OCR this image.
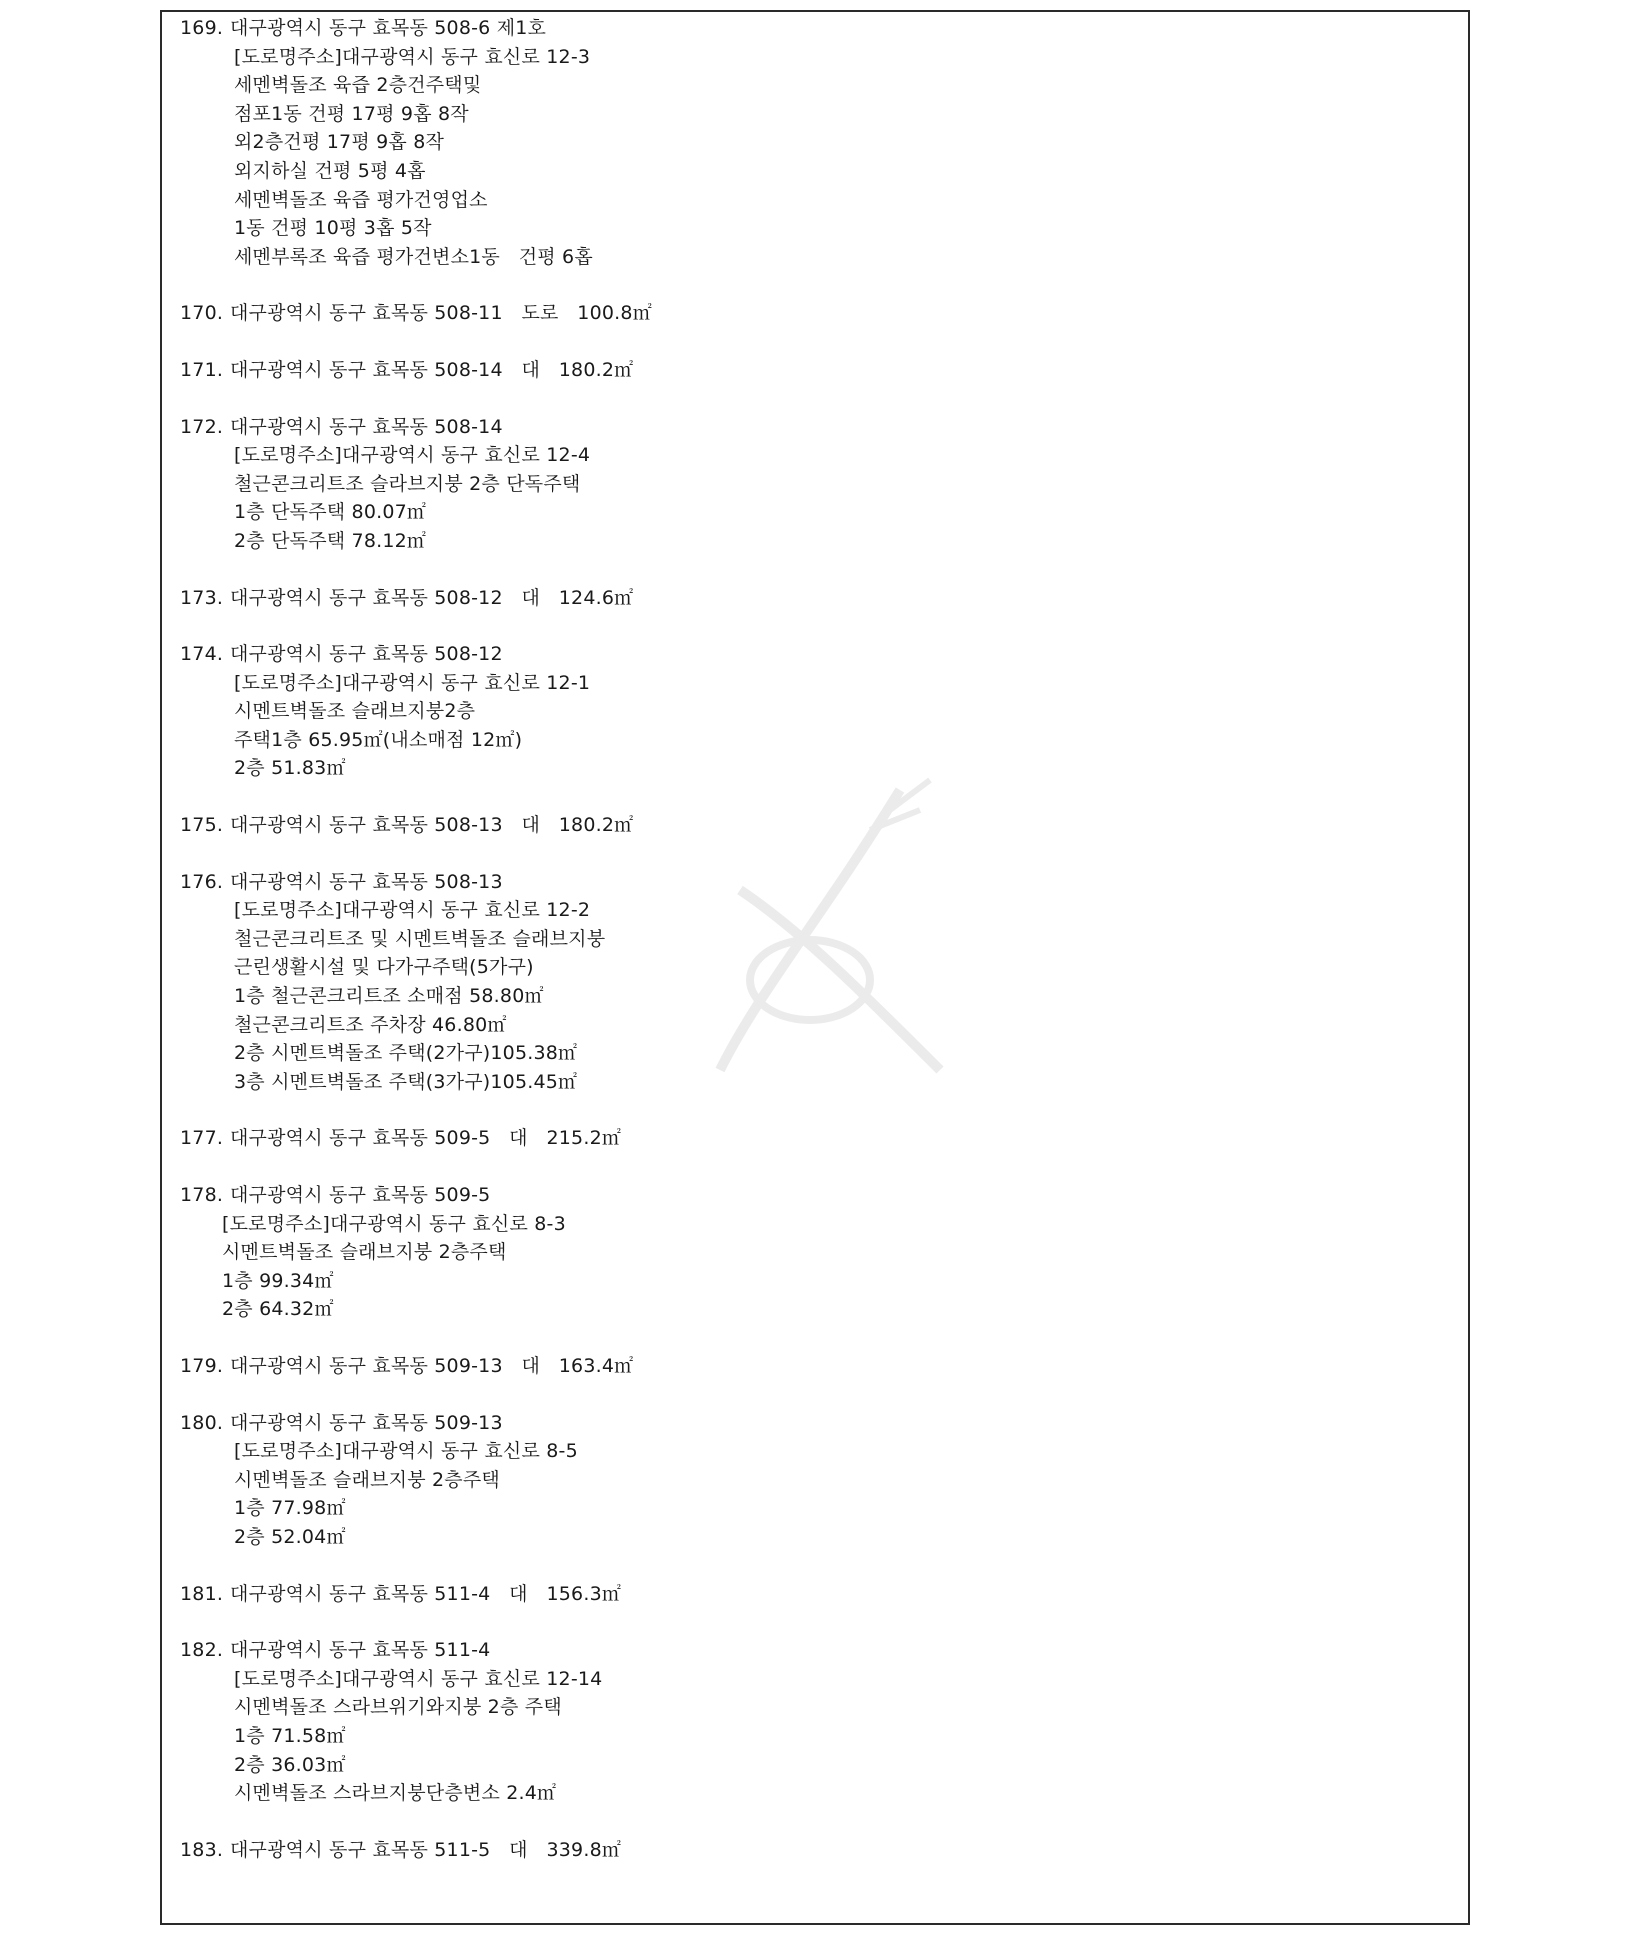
169. 대구광역시 동구 효목동 508-6 제1호
[도로명주소]대구광역시 동구 효신로 12-3
세멘벽돌조 육즙 2층건주택및
점포1동 건평 17평 9홉 8작
외2층건평 17평 9홉 8작
외지하실 건평 5평 4홉
세멘벽돌조 육즙 평가건영업소
1동 건평 10평 3홉 5작
세멘부록조 육즙 평가건변소1동   건평 6홉
170. 대구광역시 동구 효목동 508-11   도로   100.8㎡
171. 대구광역시 동구 효목동 508-14   대   180.2㎡
172. 대구광역시 동구 효목동 508-14
[도로명주소]대구광역시 동구 효신로 12-4
철근콘크리트조 슬라브지붕 2층 단독주택
1층 단독주택 80.07㎡
2층 단독주택 78.12㎡
173. 대구광역시 동구 효목동 508-12   대   124.6㎡
174. 대구광역시 동구 효목동 508-12
[도로명주소]대구광역시 동구 효신로 12-1
시멘트벽돌조 슬래브지붕2층
주택1층 65.95㎡(내소매점 12㎡)
2층 51.83㎡
175. 대구광역시 동구 효목동 508-13   대   180.2㎡
176. 대구광역시 동구 효목동 508-13
[도로명주소]대구광역시 동구 효신로 12-2
철근콘크리트조 및 시멘트벽돌조 슬래브지붕
근린생활시설 및 다가구주택(5가구)
1층 철근콘크리트조 소매점 58.80㎡
철근콘크리트조 주차장 46.80㎡
2층 시멘트벽돌조 주택(2가구)105.38㎡
3층 시멘트벽돌조 주택(3가구)105.45㎡
177. 대구광역시 동구 효목동 509-5   대   215.2㎡
178. 대구광역시 동구 효목동 509-5
[도로명주소]대구광역시 동구 효신로 8-3
시멘트벽돌조 슬래브지붕 2층주택
1층 99.34㎡
2층 64.32㎡
179. 대구광역시 동구 효목동 509-13   대   163.4㎡
180. 대구광역시 동구 효목동 509-13
[도로명주소]대구광역시 동구 효신로 8-5
시멘벽돌조 슬래브지붕 2층주택
1층 77.98㎡
2층 52.04㎡
181. 대구광역시 동구 효목동 511-4   대   156.3㎡
182. 대구광역시 동구 효목동 511-4
[도로명주소]대구광역시 동구 효신로 12-14
시멘벽돌조 스라브위기와지붕 2층 주택
1층 71.58㎡
2층 36.03㎡
시멘벽돌조 스라브지붕단층변소 2.4㎡
183. 대구광역시 동구 효목동 511-5   대   339.8㎡
